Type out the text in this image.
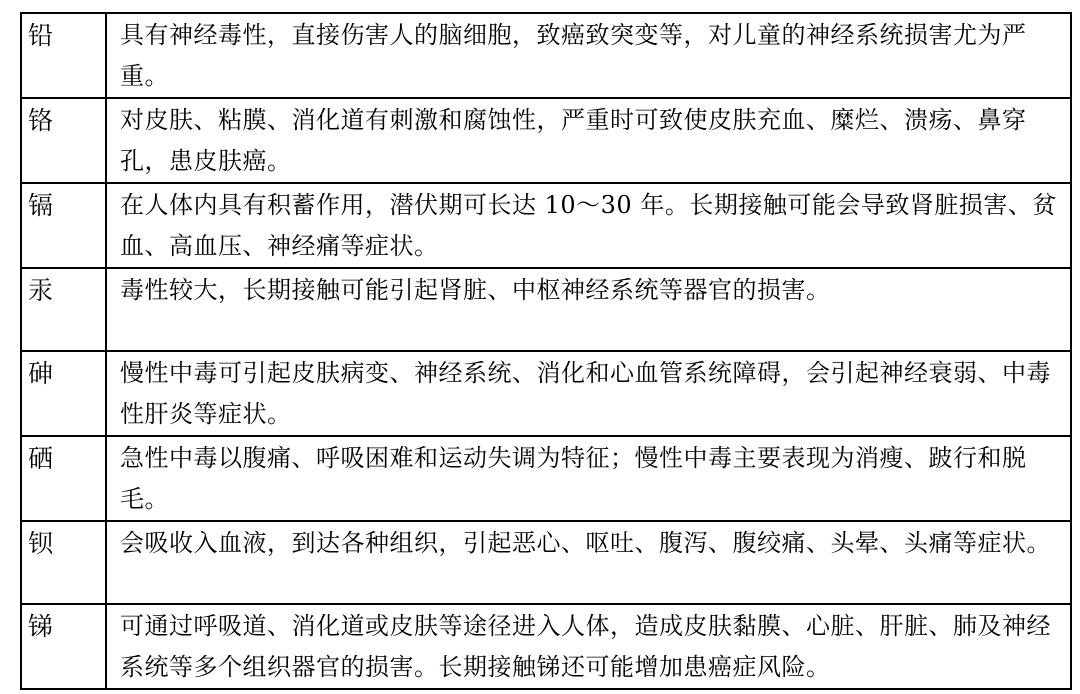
铅	具有神经毒性，直接伤害人的脑细胞，致癌致突变等，对儿童的神经系统损害尤为严重。
铬	对皮肤、粘膜、消化道有刺激和腐蚀性，严重时可致使皮肤充血、糜烂、溃疡、鼻穿孔，患皮肤癌。
镉	在人体内具有积蓄作用，潜伏期可长达 10～30 年。长期接触可能会导致肾脏损害、贫血、高血压、神经痛等症状。
汞	毒性较大，长期接触可能引起肾脏、中枢神经系统等器官的损害。
砷	慢性中毒可引起皮肤病变、神经系统、消化和心血管系统障碍，会引起神经衰弱、中毒性肝炎等症状。
硒	急性中毒以腹痛、呼吸困难和运动失调为特征；慢性中毒主要表现为消瘦、跛行和脱毛。
钡	会吸收入血液，到达各种组织，引起恶心、呕吐、腹泻、腹绞痛、头晕、头痛等症状。
锑	可通过呼吸道、消化道或皮肤等途径进入人体，造成皮肤黏膜、心脏、肝脏、肺及神经系统等多个组织器官的损害。长期接触锑还可能增加患癌症风险。
